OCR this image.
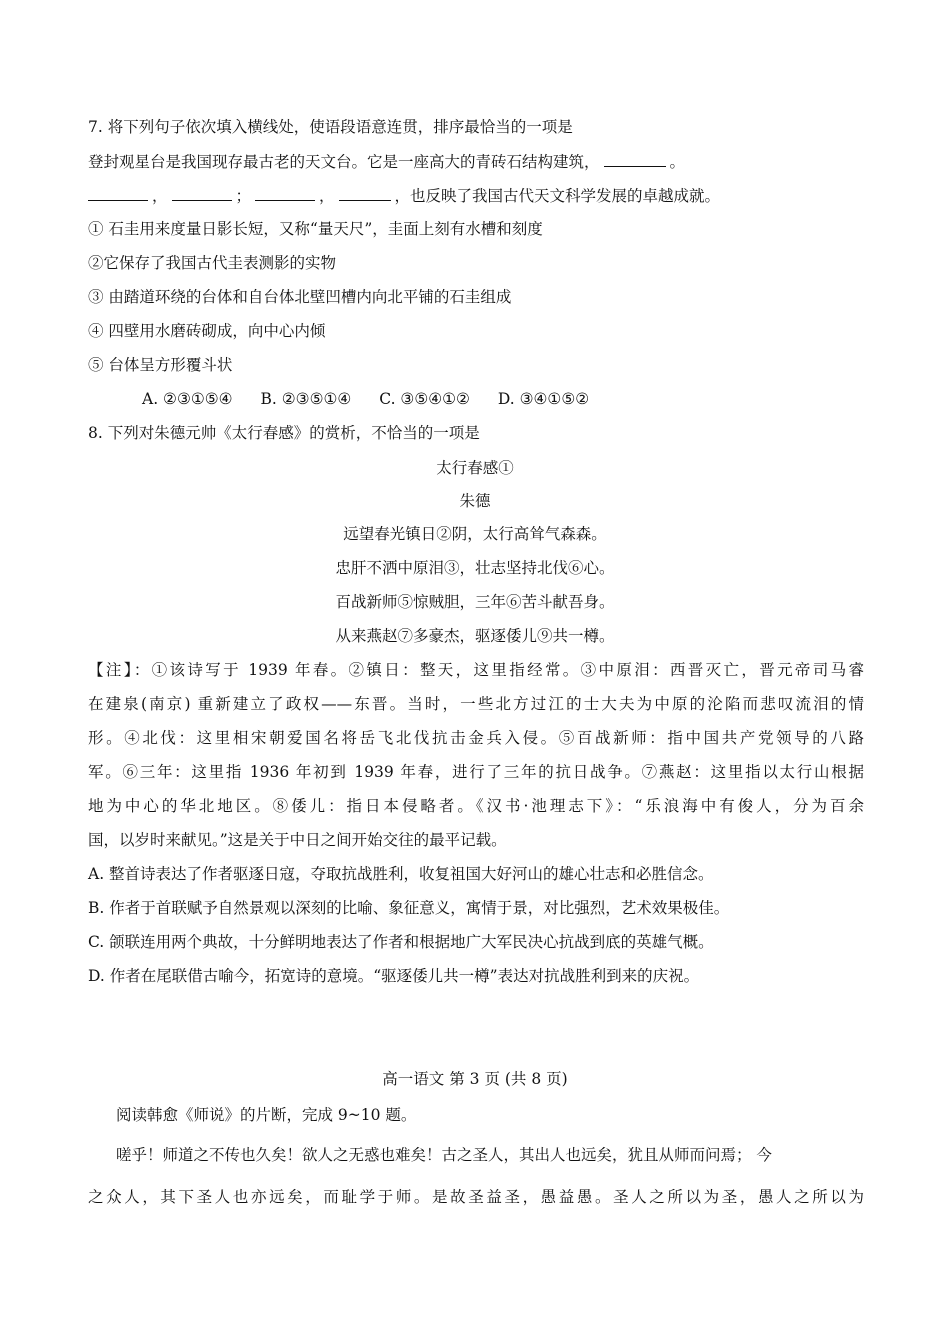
7. 将下列句子依次填入横线处，使语段语意连贯，排序最恰当的一项是
登封观星台是我国现存最古老的天文台。它是一座高大的青砖石结构建筑，	。
，	；	，	，也反映了我国古代天文科学发展的卓越成就。
① 石圭用来度量日影长短，又称“量天尺”，圭面上刻有水槽和刻度
②它保存了我国古代圭表测影的实物
③ 由踏道环绕的台体和自台体北壁凹槽内向北平铺的石圭组成
④ 四壁用水磨砖砌成，向中心内倾
⑤ 台体呈方形覆斗状
A. ②③①⑤④ B. ②③⑤①④ C. ③⑤④①② D. ③④①⑤②
8. 下列对朱德元帅《太行春感》的赏析，不恰当的一项是
太行春感①
朱德
远望春光镇日②阴，太行高耸气森森。
忠肝不洒中原泪③，壮志坚持北伐⑥心。
百战新师⑤惊贼胆，三年⑥苦斗献吾身。
从来燕赵⑦多豪杰，驱逐倭儿⑨共一樽。
【注】：①该诗写于 1939 年春。②镇日：整天，这里指经常。③中原泪：西晋灭亡，晋元帝司马睿
在建泉(南京) 重新建立了政权——东晋。当时，一些北方过江的士大夫为中原的沦陷而悲叹流泪的情
形。④北伐：这里相宋朝爱国名将岳飞北伐抗击金兵入侵。⑤百战新师：指中国共产党领导的八路
军。⑥三年：这里指 1936 年初到 1939 年春，进行了三年的抗日战争。⑦燕赵：这里指以太行山根据
地为中心的华北地区。⑧倭儿：指日本侵略者。《汉书·池理志下》：“乐浪海中有俊人，分为百余
国，以岁时来献见。”这是关于中日之间开始交往的最平记载。
A. 整首诗表达了作者驱逐日寇，夺取抗战胜利，收复祖国大好河山的雄心壮志和必胜信念。
B. 作者于首联赋予自然景观以深刻的比喻、象征意义，寓情于景，对比强烈，艺术效果极佳。
C. 颌联连用两个典故，十分鲜明地表达了作者和根据地广大军民决心抗战到底的英雄气概。
D. 作者在尾联借古喻今，拓宽诗的意境。“驱逐倭儿共一樽”表达对抗战胜利到来的庆祝。
高一语文 第 3 页 (共 8 页)
阅读韩愈《师说》的片断，完成 9~10 题。
嗟乎！师道之不传也久矣！欲人之无惑也难矣！古之圣人，其出人也远矣，犹且从师而问焉； 今
之众人，其下圣人也亦远矣，而耻学于师。是故圣益圣，愚益愚。圣人之所以为圣，愚人之所以为
